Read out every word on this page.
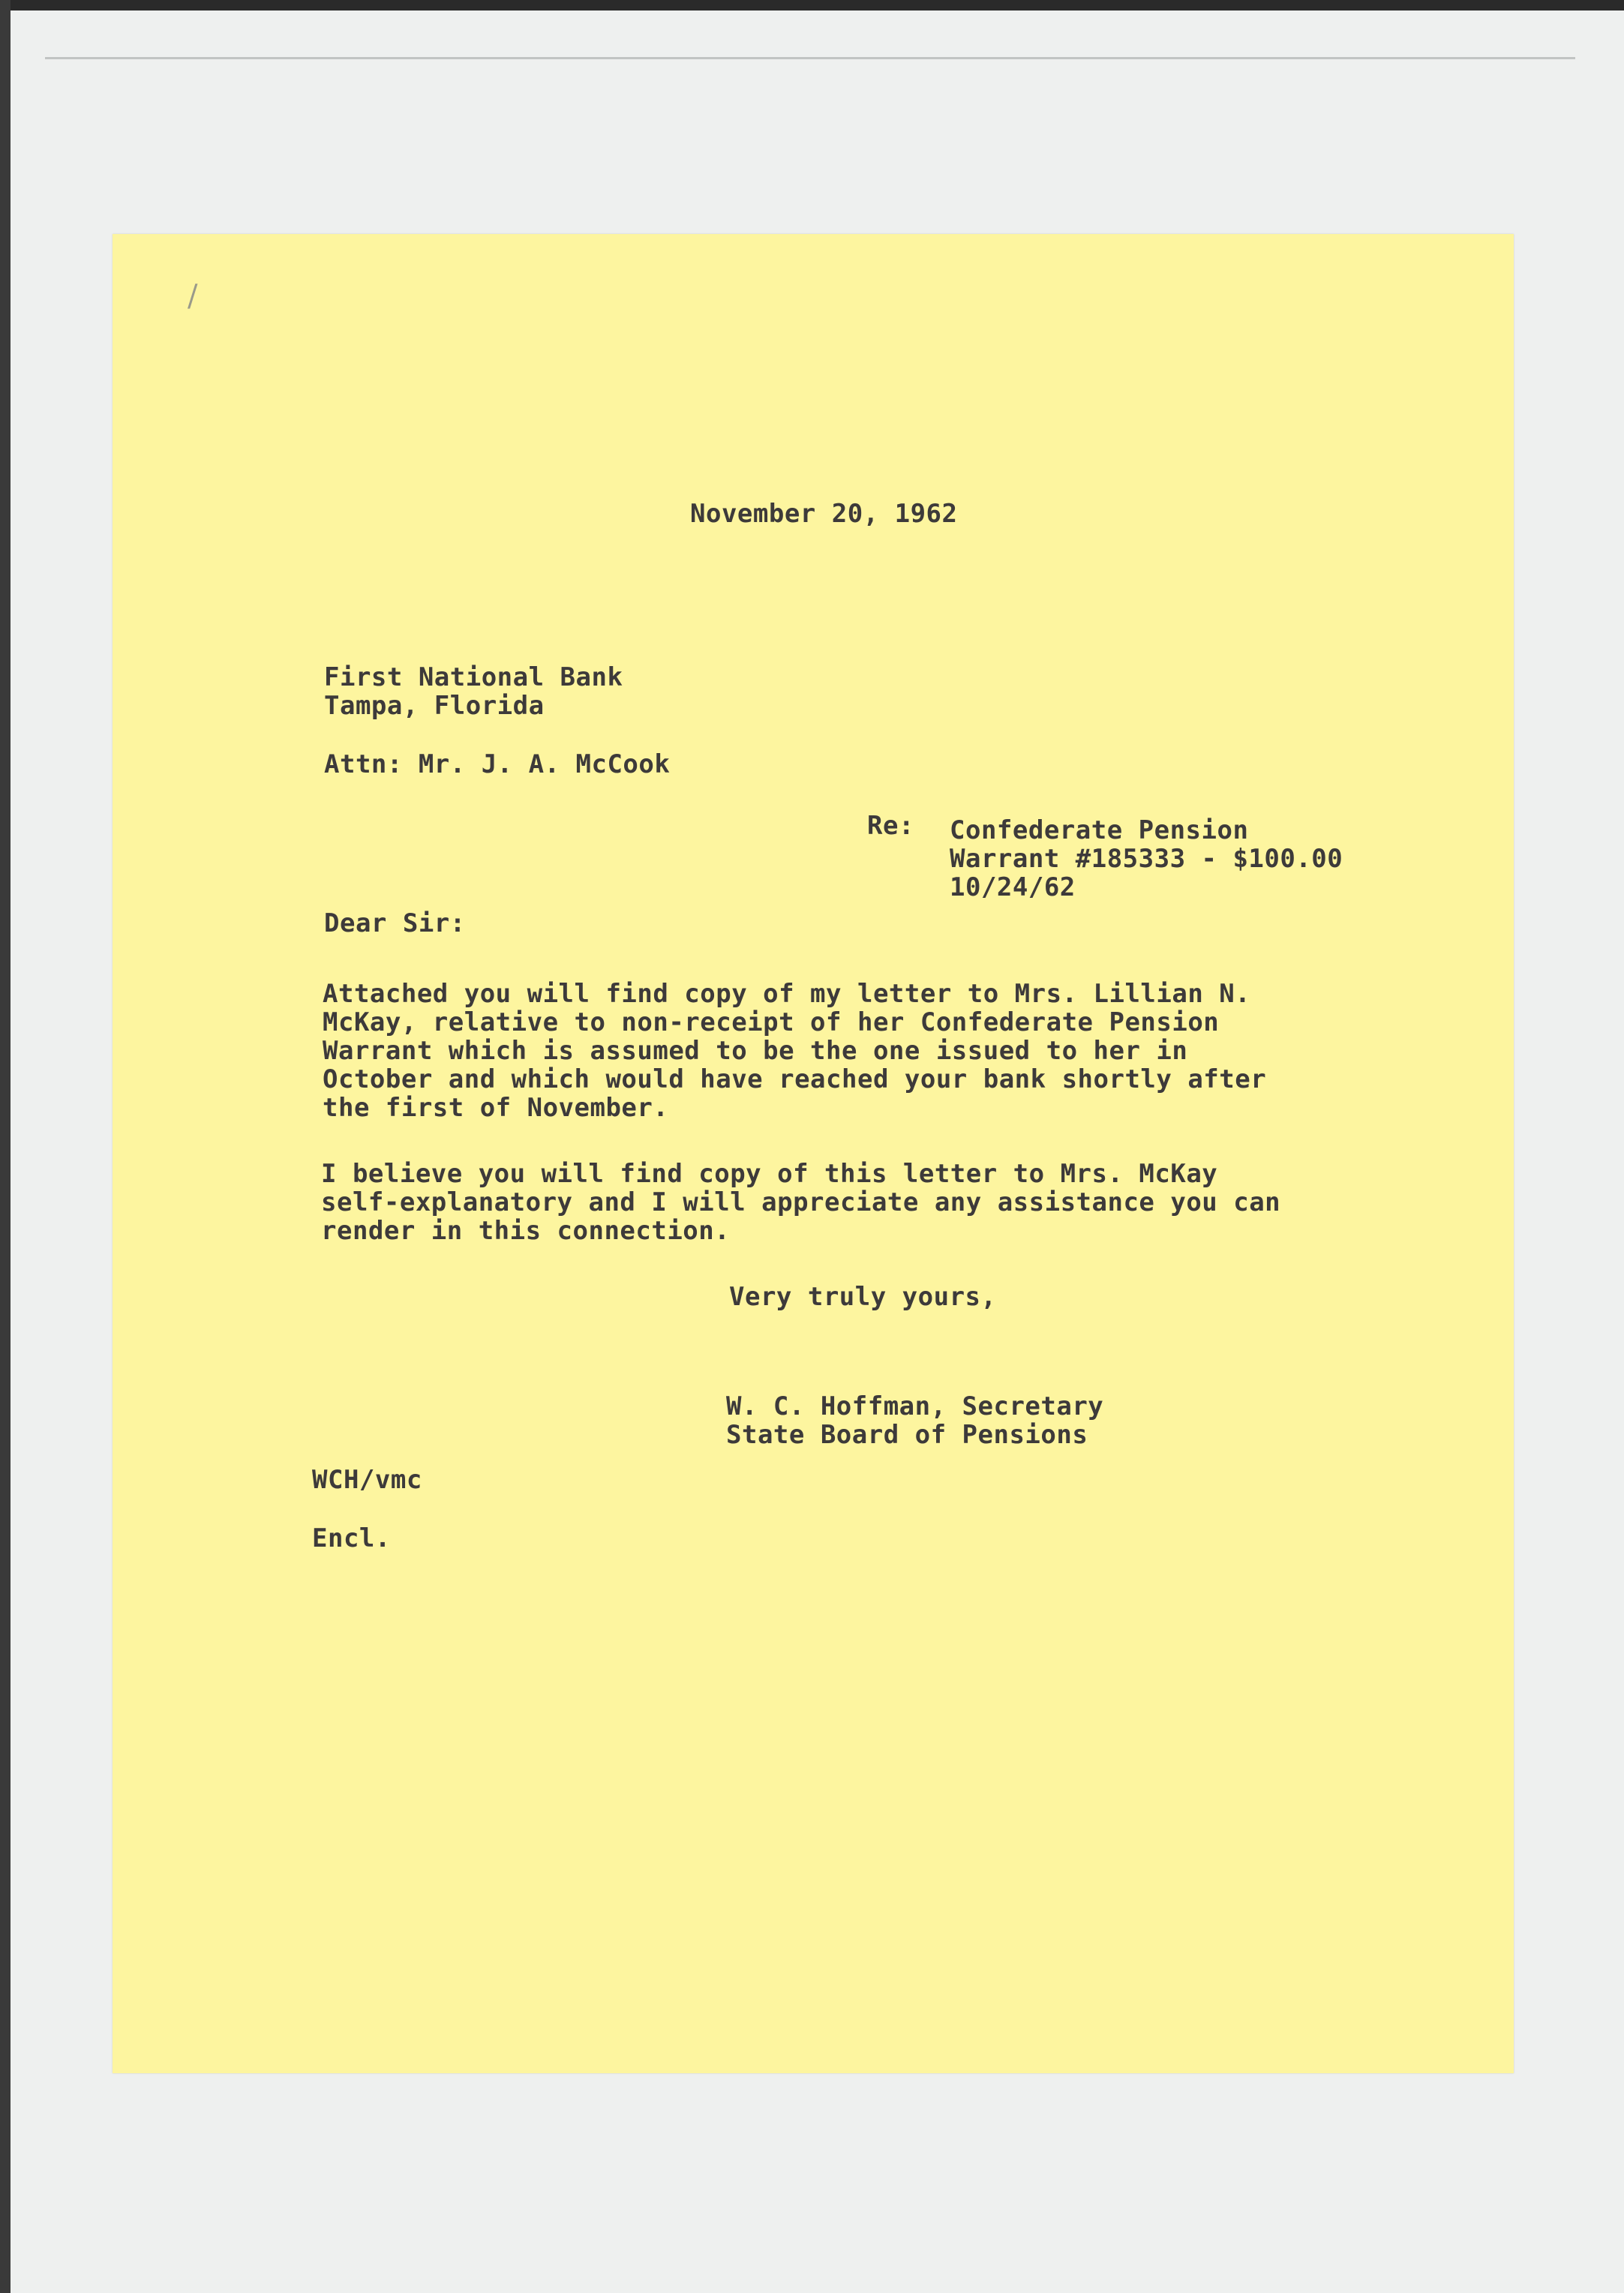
/
November 20, 1962
First National Bank
Tampa, Florida
Attn: Mr. J. A. McCook
Re: Confederate Pension
Warrant #185333 - $100.00
10/24/62
Dear Sir:
Attached you will find copy of my letter to Mrs. Lillian N.
McKay, relative to non-receipt of her Confederate Pension
Warrant which is assumed to be the one issued to her in
October and which would have reached your bank shortly after
the first of November.
I believe you will find copy of this letter to Mrs. McKay
self-explanatory and I will appreciate any assistance you can
render in this connection.
Very truly yours,
W. C. Hoffman, Secretary
State Board of Pensions
WCH/vmc
Encl.
